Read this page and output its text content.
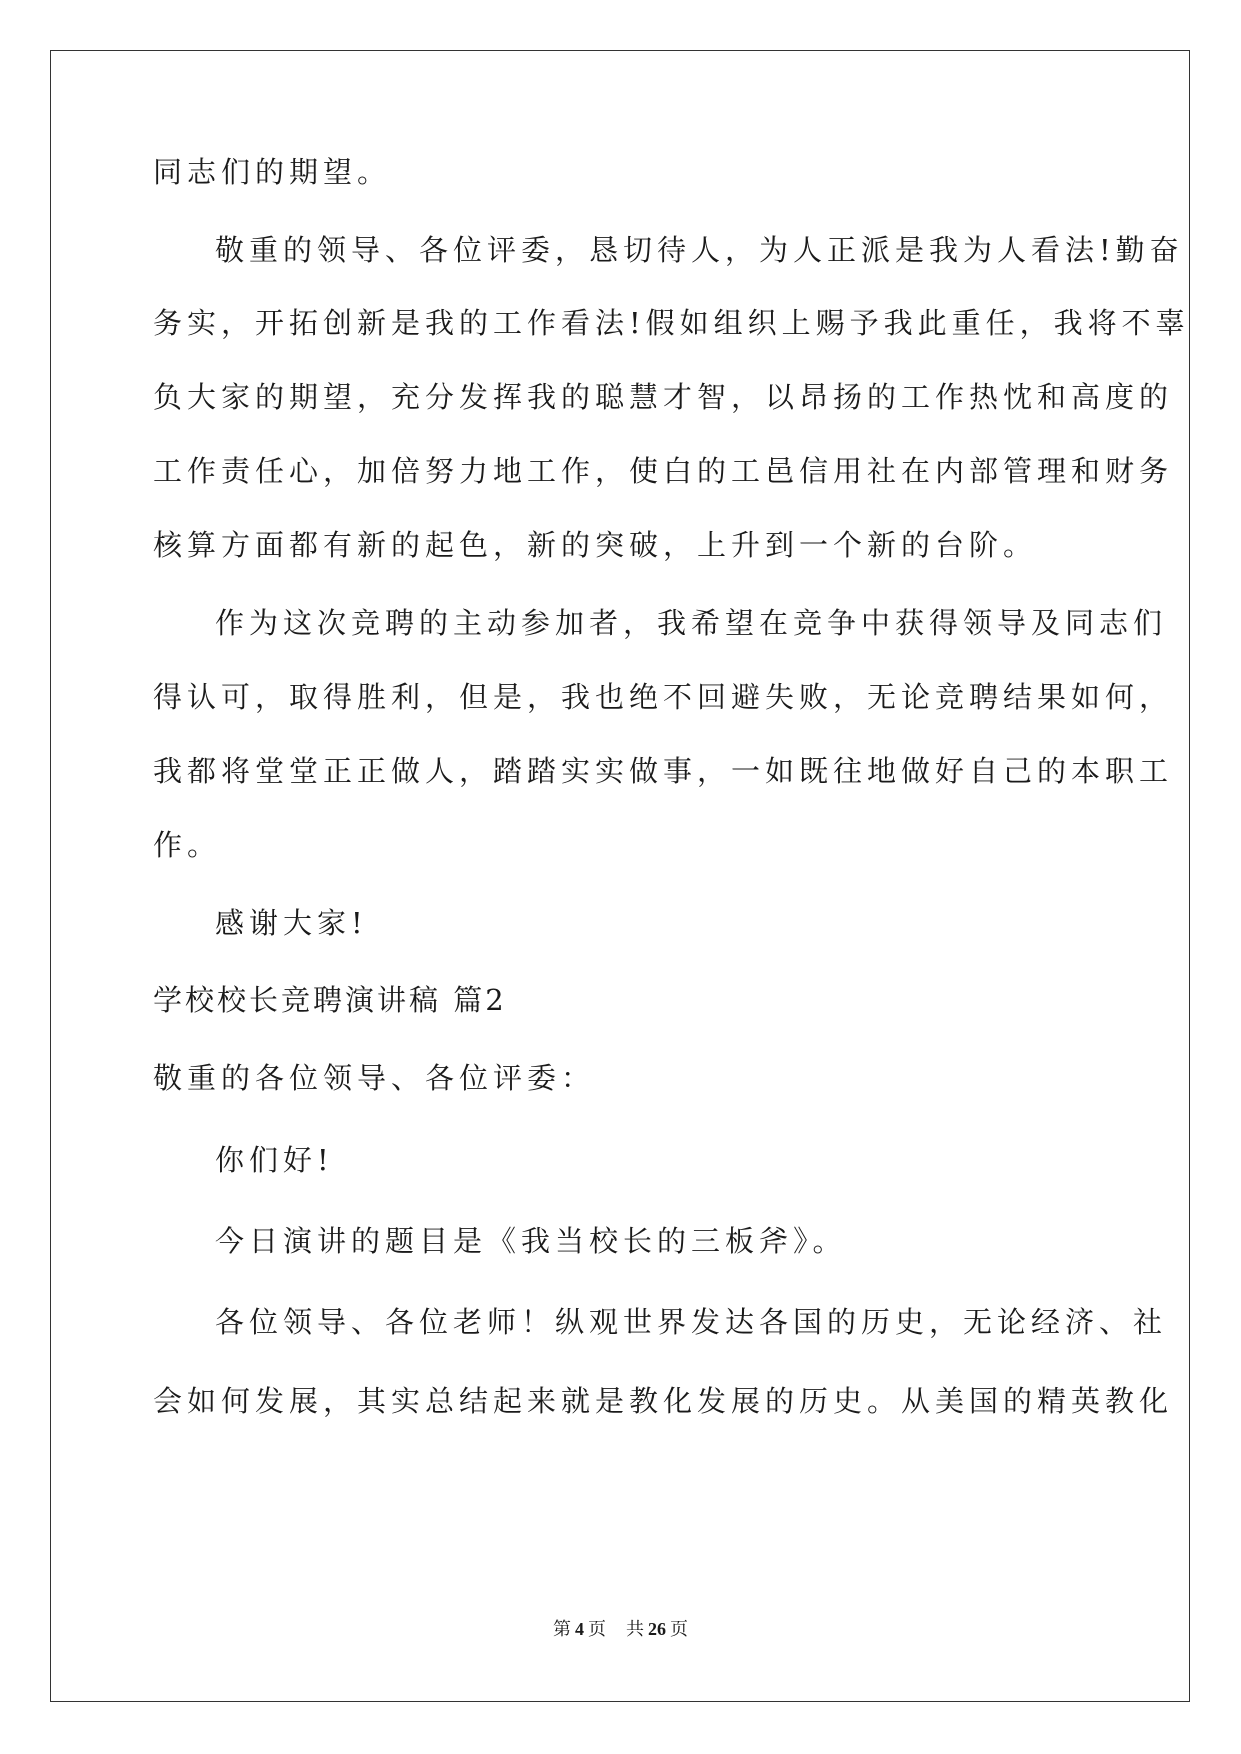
同志们的期望。
敬重的领导、各位评委，恳切待人，为人正派是我为人看法!勤奋
务实，开拓创新是我的工作看法!假如组织上赐予我此重任，我将不辜
负大家的期望，充分发挥我的聪慧才智，以昂扬的工作热忱和高度的
工作责任心，加倍努力地工作，使白的工邑信用社在内部管理和财务
核算方面都有新的起色，新的突破，上升到一个新的台阶。
作为这次竞聘的主动参加者，我希望在竞争中获得领导及同志们
得认可，取得胜利，但是，我也绝不回避失败，无论竞聘结果如何，
我都将堂堂正正做人，踏踏实实做事，一如既往地做好自己的本职工
作。
感谢大家!
学校校长竞聘演讲稿 篇2
敬重的各位领导、各位评委：
你们好!
今日演讲的题目是《我当校长的三板斧》。
各位领导、各位老师！纵观世界发达各国的历史，无论经济、社
会如何发展，其实总结起来就是教化发展的历史。从美国的精英教化
第 4 页 共 26 页
